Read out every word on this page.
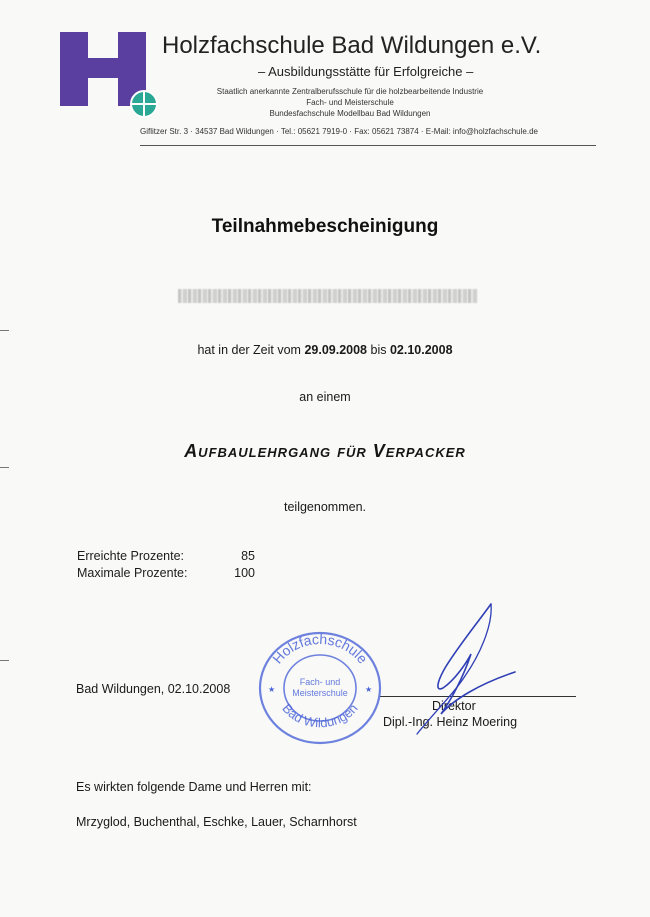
Holzfachschule Bad Wildungen e.V.
– Ausbildungsstätte für Erfolgreiche –
Staatlich anerkannte Zentralberufsschule für die holzbearbeitende Industrie
Fach- und Meisterschule
Bundesfachschule Modellbau Bad Wildungen
Giflitzer Str. 3 · 34537 Bad Wildungen · Tel.: 05621 7919-0 · Fax: 05621 73874 · E-Mail: info@holzfachschule.de
Teilnahmebescheinigung
hat in der Zeit vom 29.09.2008 bis 02.10.2008
an einem
Aufbaulehrgang für Verpacker
teilgenommen.
Erreichte Prozente:	85
Maximale Prozente:	100
Bad Wildungen, 02.10.2008
Direktor
Dipl.-Ing. Heinz Moering
Holzfachschule
Bad Wildungen
Fach- und
Meisterschule
★	★
Es wirkten folgende Dame und Herren mit:
Mrzyglod, Buchenthal, Eschke, Lauer, Scharnhorst
